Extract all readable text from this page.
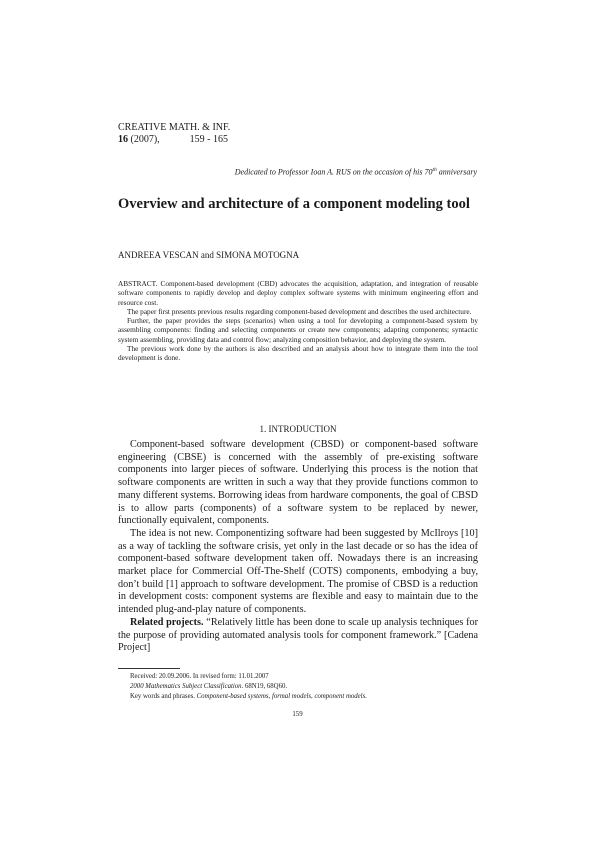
CREATIVE MATH. & INF.
16 (2007),	159 - 165
Dedicated to Professor Ioan A. RUS on the occasion of his 70th anniversary
Overview and architecture of a component modeling tool
ANDREEA VESCAN and SIMONA MOTOGNA

ABSTRACT. Component-based development (CBD) advocates the acquisition, adaptation, and integration of reusable software components to rapidly develop and deploy complex software systems with minimum engineering effort and resource cost.

The paper first presents previous results regarding component-based development and describes the used architecture.

Further, the paper provides the steps (scenarios) when using a tool for developing a component-based system by assembling components: finding and selecting components or create new components; adapting components; syntactic system assembling, providing data and control flow; analyzing composition behavior, and deploying the system.

The previous work done by the authors is also described and an analysis about how to integrate them into the tool development is done.

1. INTRODUCTION

Component-based software development (CBSD) or component-based software engineering (CBSE) is concerned with the assembly of pre-existing software components into larger pieces of software. Underlying this process is the notion that software components are written in such a way that they provide functions common to many different systems. Borrowing ideas from hardware components, the goal of CBSD is to allow parts (components) of a software system to be replaced by newer, functionally equivalent, components.

The idea is not new. Componentizing software had been suggested by McIlroys [10] as a way of tackling the software crisis, yet only in the last decade or so has the idea of component-based software development taken off. Nowadays there is an increasing market place for Commercial Off-The-Shelf (COTS) components, embodying a buy, don’t build [1] approach to software development. The promise of CBSD is a reduction in development costs: component systems are flexible and easy to maintain due to the intended plug-and-play nature of components.

Related projects. “Relatively little has been done to scale up analysis techniques for the purpose of providing automated analysis tools for component framework.” [Cadena Project]

Received: 20.09.2006. In revised form: 11.01.2007
2000 Mathematics Subject Classification. 68N19, 68Q60.
Key words and phrases. Component-based systems, formal models, component models.
159
